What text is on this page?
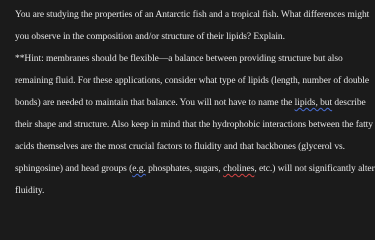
You are studying the properties of an Antarctic fish and a tropical fish. What differences might
you observe in the composition and/or structure of their lipids? Explain.
**Hint: membranes should be flexible—a balance between providing structure but also
remaining fluid. For these applications, consider what type of lipids (length, number of double
bonds) are needed to maintain that balance. You will not have to name the lipids, but describe
their shape and structure. Also keep in mind that the hydrophobic interactions between the fatty
acids themselves are the most crucial factors to fluidity and that backbones (glycerol vs.
sphingosine) and head groups (e.g. phosphates, sugars, cholines, etc.) will not significantly alter
fluidity.
